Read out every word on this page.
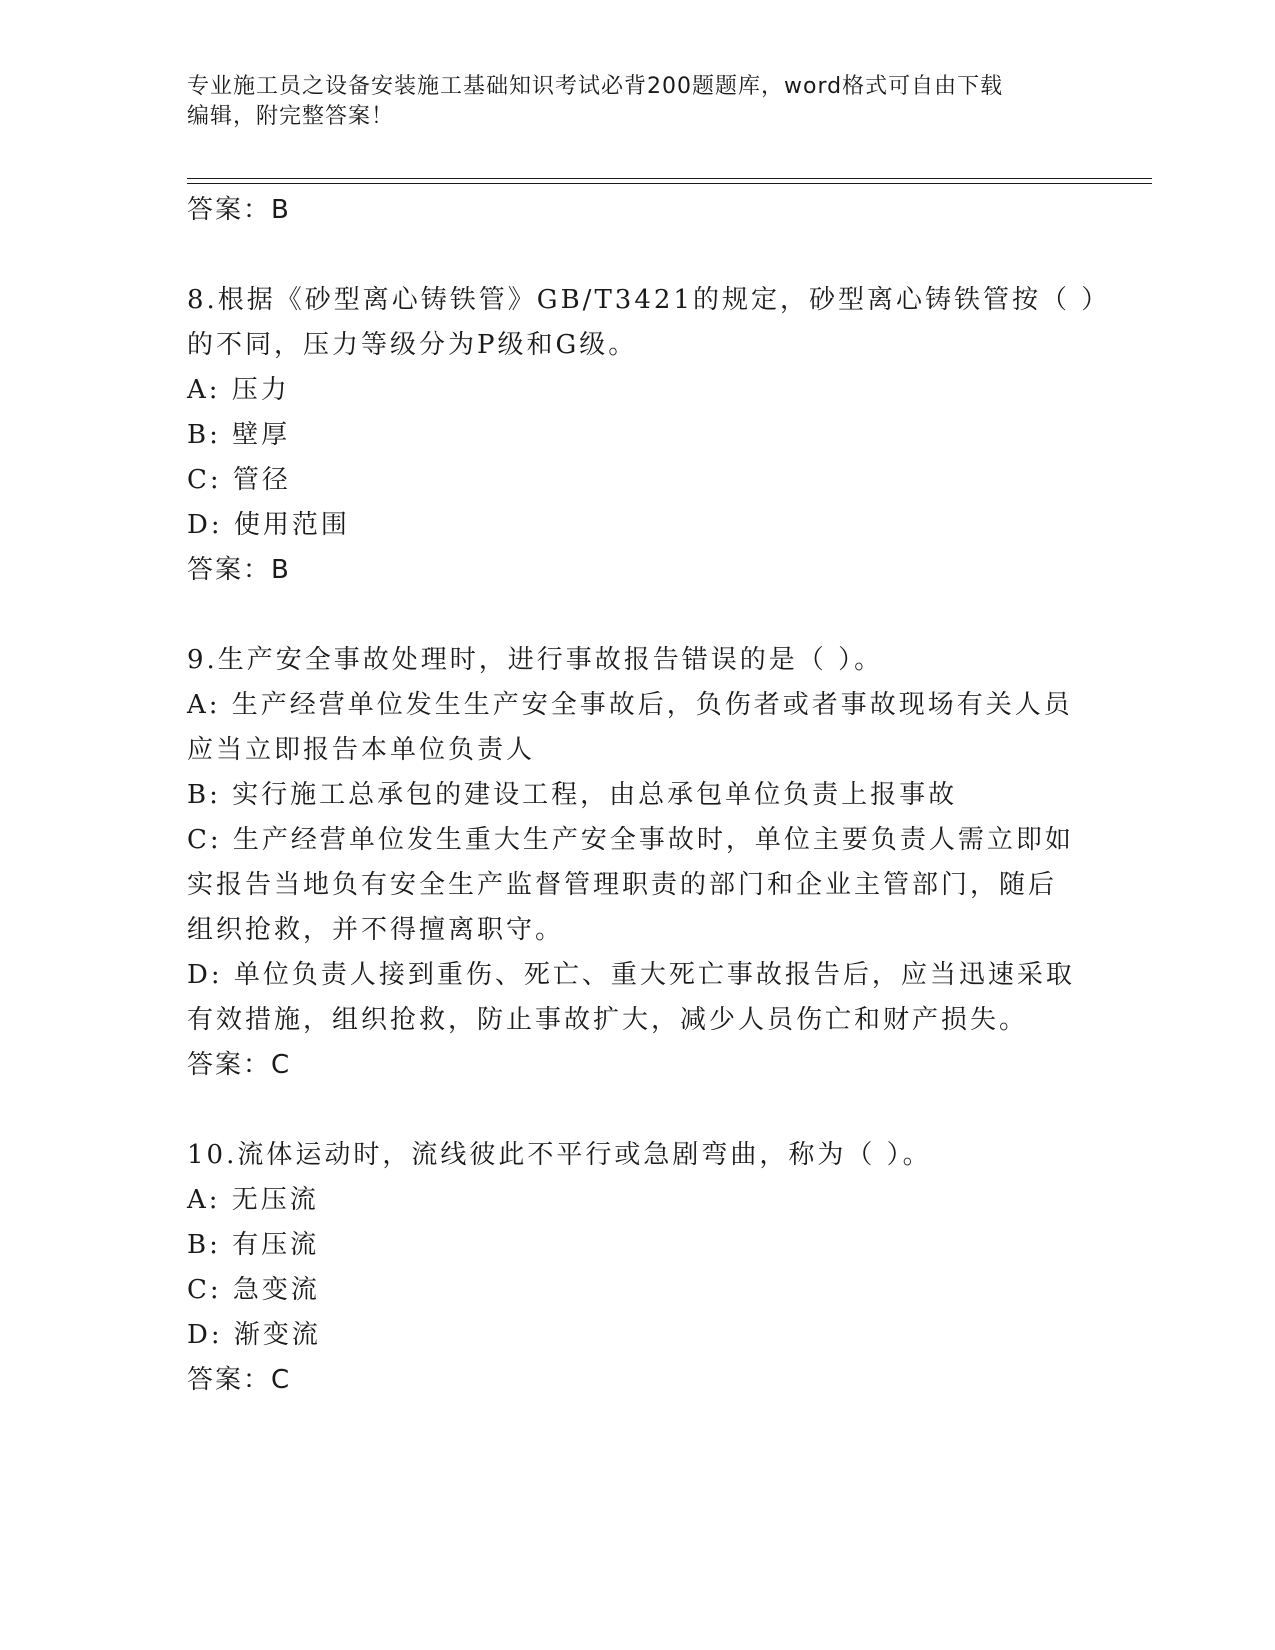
专业施工员之设备安装施工基础知识考试必背200题题库，word格式可自由下载
编辑，附完整答案！

答案：B

8.根据《砂型离心铸铁管》GB/T3421的规定，砂型离心铸铁管按（ ）

的不同，压力等级分为P级和G级。

A: 压力

B: 壁厚

C: 管径

D: 使用范围

答案：B

9.生产安全事故处理时，进行事故报告错误的是（ ）。

A: 生产经营单位发生生产安全事故后，负伤者或者事故现场有关人员

应当立即报告本单位负责人

B: 实行施工总承包的建设工程，由总承包单位负责上报事故

C: 生产经营单位发生重大生产安全事故时，单位主要负责人需立即如

实报告当地负有安全生产监督管理职责的部门和企业主管部门，随后

组织抢救，并不得擅离职守。

D: 单位负责人接到重伤、死亡、重大死亡事故报告后，应当迅速采取

有效措施，组织抢救，防止事故扩大，减少人员伤亡和财产损失。

答案：C

10.流体运动时，流线彼此不平行或急剧弯曲，称为（ ）。

A: 无压流

B: 有压流

C: 急变流

D: 渐变流

答案：C
